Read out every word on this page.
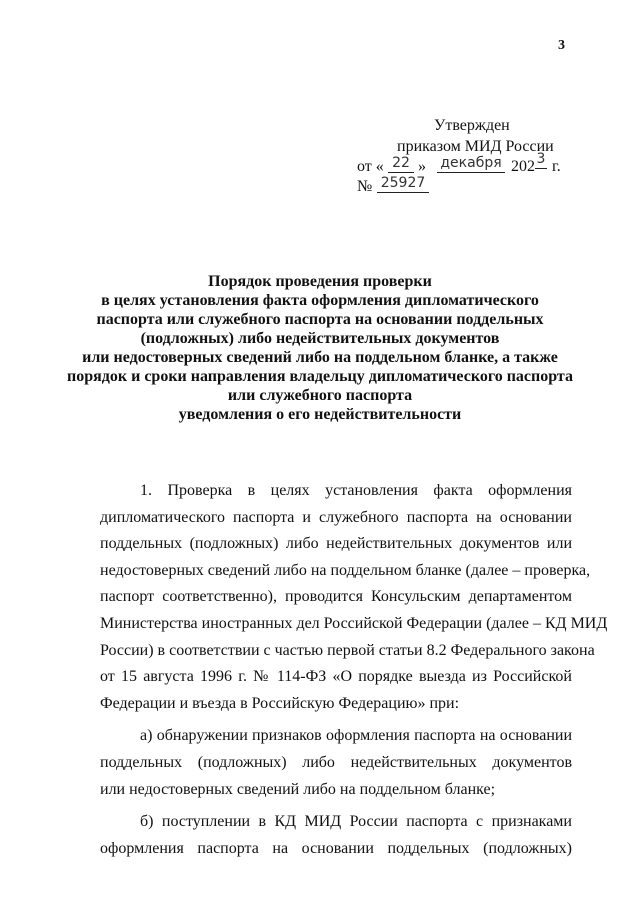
3
Утвержден
приказом МИД России
от « 22 » декабря 202 3 г.
№ 25927
Порядок проведения проверки
в целях установления факта оформления дипломатического
паспорта или служебного паспорта на основании поддельных
(подложных) либо недействительных документов
или недостоверных сведений либо на поддельном бланке, а также
порядок и сроки направления владельцу дипломатического паспорта
или служебного паспорта
уведомления о его недействительности

1. Проверка в целях установления факта оформления
дипломатического паспорта и служебного паспорта на основании
поддельных (подложных) либо недействительных документов или
недостоверных сведений либо на поддельном бланке (далее – проверка,
паспорт соответственно), проводится Консульским департаментом
Министерства иностранных дел Российской Федерации (далее – КД МИД
России) в соответствии с частью первой статьи 8.2 Федерального закона
от 15 августа 1996 г. № 114-ФЗ «О порядке выезда из Российской
Федерации и въезда в Российскую Федерацию» при:

а) обнаружении признаков оформления паспорта на основании
поддельных (подложных) либо недействительных документов
или недостоверных сведений либо на поддельном бланке;

б) поступлении в КД МИД России паспорта с признаками
оформления паспорта на основании поддельных (подложных)
